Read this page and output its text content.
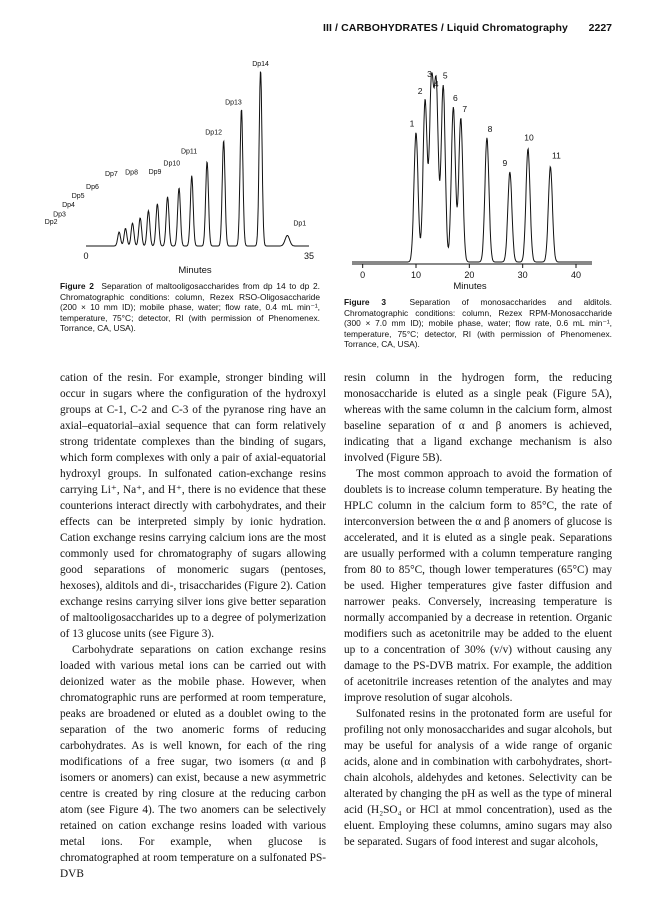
III / CARBOHYDRATES / Liquid Chromatography 2227
Dp2
Dp3
Dp4
Dp5
Dp6
Dp7 Dp8 Dp9
Dp10
Dp11
Dp12
Dp13
Dp14
Dp1
0	35
Minutes
Figure 2 Separation of maltooligosaccharides from dp 14 to dp 2. Chromatographic conditions: column, Rezex RSO-Oligosaccharide (200 × 10 mm ID); mobile phase, water; flow rate, 0.4 mL min⁻¹, temperature, 75°C; detector, RI (with permission of Phenomenex. Torrance, CA, USA).
0	10	20	30	40
1
2
3
4
5
6
7
8
9
10
11
Minutes
Figure 3	Separation of monosaccharides and alditols. Chromatographic conditions: column, Rezex RPM-Monosaccharide (300 × 7.0 mm ID); mobile phase, water; flow rate, 0.6 mL min⁻¹, temperature, 75°C; detector, RI (with permission of Phenomenex. Torrance, CA, USA).

cation of the resin. For example, stronger binding will occur in sugars where the configuration of the hydroxyl groups at C-1, C-2 and C-3 of the pyranose ring have an axial–equatorial–axial sequence that can form relatively strong tridentate complexes than the binding of sugars, which form complexes with only a pair of axial-equatorial hydroxyl groups. In sulfonated cation-exchange resins carrying Li⁺, Na⁺, and H⁺, there is no evidence that these counterions interact directly with carbohydrates, and their effects can be interpreted simply by ionic hydration. Cation exchange resins carrying calcium ions are the most commonly used for chromatography of sugars allowing good separations of monomeric sugars (pentoses, hexoses), alditols and di-, trisaccharides (Figure 2). Cation exchange resins carrying silver ions give better separation of maltooligosaccharides up to a degree of polymerization of 13 glucose units (see Figure 3).

Carbohydrate separations on cation exchange resins loaded with various metal ions can be carried out with deionized water as the mobile phase. However, when chromatographic runs are performed at room temperature, peaks are broadened or eluted as a doublet owing to the separation of the two anomeric forms of reducing carbohydrates. As is well known, for each of the ring modifications of a free sugar, two isomers (α and β isomers or anomers) can exist, because a new asymmetric centre is created by ring closure at the reducing carbon atom (see Figure 4). The two anomers can be selectively retained on cation exchange resins loaded with various metal ions. For example, when glucose is chromatographed at room temperature on a sulfonated PS-DVB

resin column in the hydrogen form, the reducing monosaccharide is eluted as a single peak (Figure 5A), whereas with the same column in the calcium form, almost baseline separation of α and β anomers is achieved, indicating that a ligand exchange mechanism is also involved (Figure 5B).

The most common approach to avoid the formation of doublets is to increase column temperature. By heating the HPLC column in the calcium form to 85°C, the rate of interconversion between the α and β anomers of glucose is accelerated, and it is eluted as a single peak. Separations are usually performed with a column temperature ranging from 80 to 85°C, though lower temperatures (65°C) may be used. Higher temperatures give faster diffusion and narrower peaks. Conversely, increasing temperature is normally accompanied by a decrease in retention. Organic modifiers such as acetonitrile may be added to the eluent up to a concentration of 30% (v/v) without causing any damage to the PS-DVB matrix. For example, the addition of acetonitrile increases retention of the analytes and may improve resolution of sugar alcohols.

Sulfonated resins in the protonated form are useful for profiling not only monosaccharides and sugar alcohols, but may be useful for analysis of a wide range of organic acids, alone and in combination with carbohydrates, short-chain alcohols, aldehydes and ketones. Selectivity can be alterated by changing the pH as well as the type of mineral acid (H₂SO₄ or HCl at mmol concentration), used as the eluent. Employing these columns, amino sugars may also be separated. Sugars of food interest and sugar alcohols,
